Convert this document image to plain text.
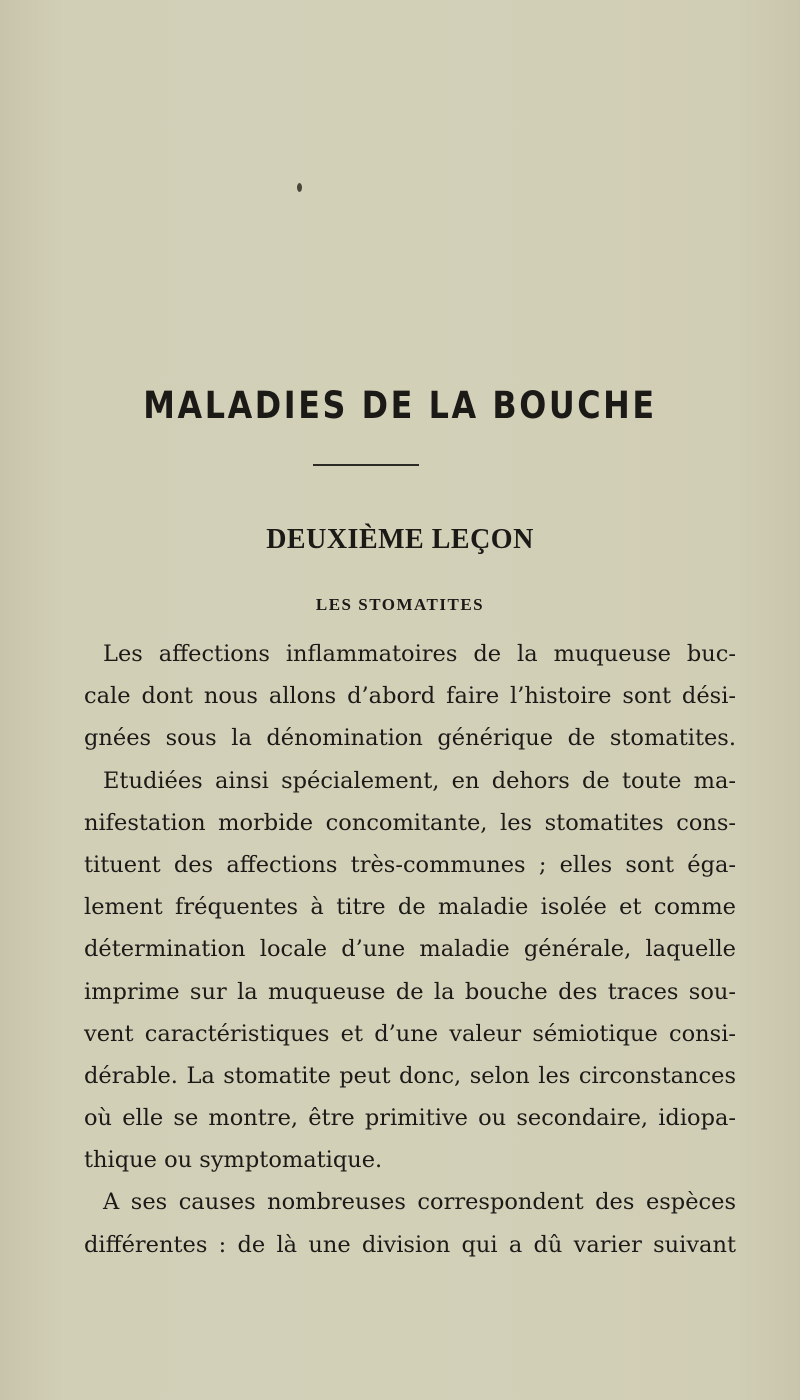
MALADIES DE LA BOUCHE
DEUXIÈME LEÇON
LES STOMATITES
Les affections inflammatoires de la muqueuse buc-
cale dont nous allons d’abord faire l’histoire sont dési-
gnées sous la dénomination générique de stomatites.
Etudiées ainsi spécialement, en dehors de toute ma-
nifestation morbide concomitante, les stomatites cons-
tituent des affections très-communes ; elles sont éga-
lement fréquentes à titre de maladie isolée et comme
détermination locale d’une maladie générale, laquelle
imprime sur la muqueuse de la bouche des traces sou-
vent caractéristiques et d’une valeur sémiotique consi-
dérable. La stomatite peut donc, selon les circonstances
où elle se montre, être primitive ou secondaire, idiopa-
thique ou symptomatique.
A ses causes nombreuses correspondent des espèces
différentes : de là une division qui a dû varier suivant
